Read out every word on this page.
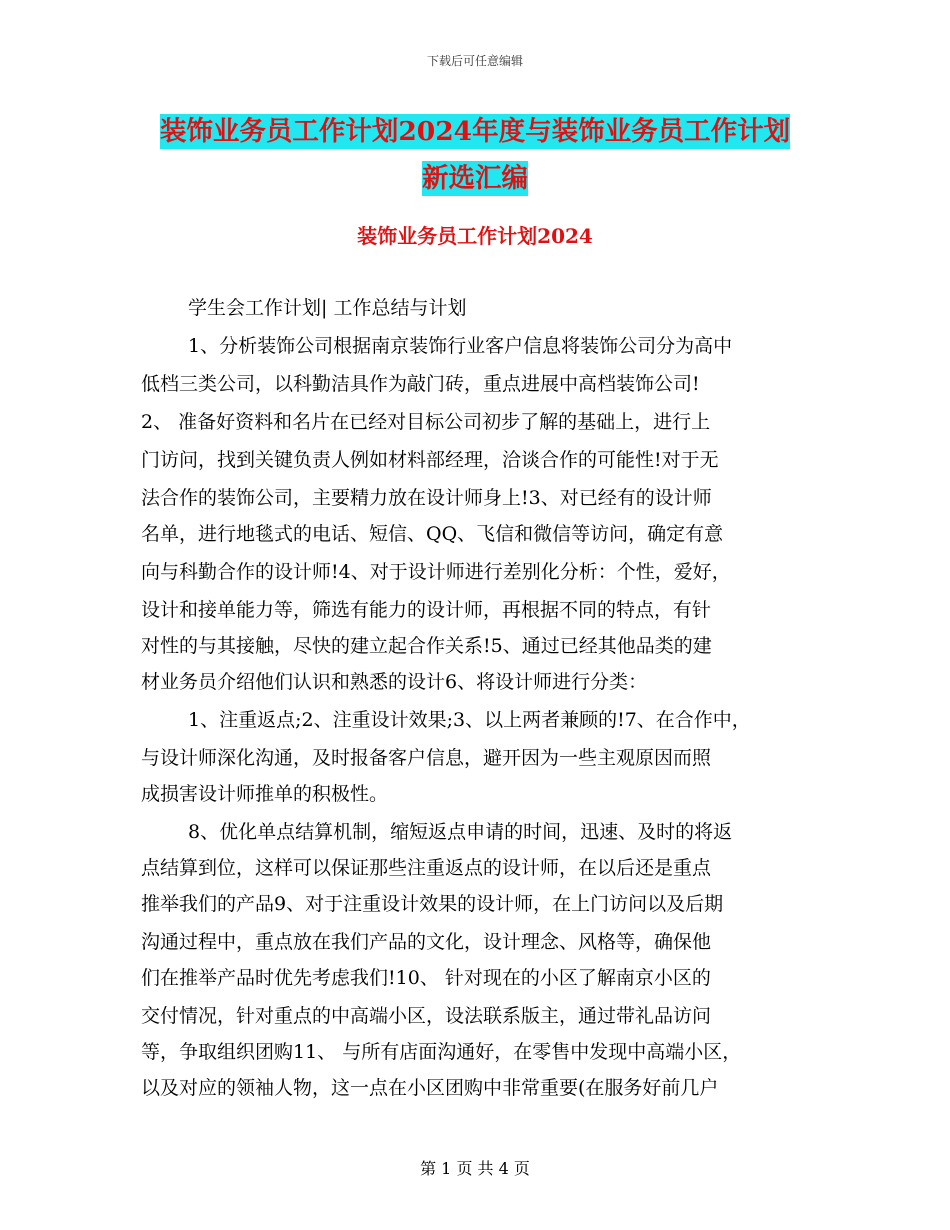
下载后可任意编辑
装饰业务员工作计划2024年度与装饰业务员工作计划
新选汇编
装饰业务员工作计划2024
学生会工作计划| 工作总结与计划
1、分析装饰公司根据南京装饰行业客户信息将装饰公司分为高中
低档三类公司，以科勤洁具作为敲门砖，重点进展中高档装饰公司!
2、 准备好资料和名片在已经对目标公司初步了解的基础上，进行上
门访问，找到关键负责人例如材料部经理，洽谈合作的可能性!对于无
法合作的装饰公司，主要精力放在设计师身上!3、对已经有的设计师
名单，进行地毯式的电话、短信、QQ、飞信和微信等访问，确定有意
向与科勤合作的设计师!4、对于设计师进行差别化分析：个性，爱好，
设计和接单能力等，筛选有能力的设计师，再根据不同的特点，有针
对性的与其接触，尽快的建立起合作关系!5、通过已经其他品类的建
材业务员介绍他们认识和熟悉的设计6、将设计师进行分类：
1、注重返点;2、注重设计效果;3、以上两者兼顾的!7、在合作中，
与设计师深化沟通，及时报备客户信息，避开因为一些主观原因而照
成损害设计师推单的积极性。
8、优化单点结算机制，缩短返点申请的时间，迅速、及时的将返
点结算到位，这样可以保证那些注重返点的设计师，在以后还是重点
推举我们的产品9、对于注重设计效果的设计师，在上门访问以及后期
沟通过程中，重点放在我们产品的文化，设计理念、风格等，确保他
们在推举产品时优先考虑我们!10、 针对现在的小区了解南京小区的
交付情况，针对重点的中高端小区，设法联系版主，通过带礼品访问
等，争取组织团购11、 与所有店面沟通好，在零售中发现中高端小区，
以及对应的领袖人物，这一点在小区团购中非常重要(在服务好前几户
第 1 页 共 4 页
